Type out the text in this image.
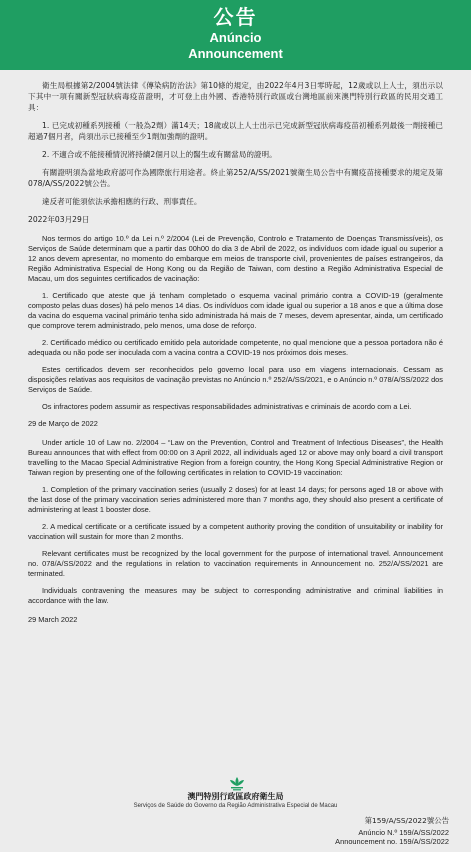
公告
Anúncio
Announcement

衛生局根據第2/2004號法律《傳染病防治法》第10條的規定，由2022年4月3日零時起，12歲或以上人士，須出示以下其中一項有關新型冠狀病毒疫苗證明，才可登上由外國、香港特別行政區或台灣地區前來澳門特別行政區的民用交通工具：

1. 已完成初種系列接種（一般為2劑）滿14天；18歲或以上人士出示已完成新型冠狀病毒疫苗初種系列最後一劑接種已超過7個月者，尚須出示已接種至少1劑加強劑的證明。

2. 不適合或不能接種情況將持續2個月以上的醫生或有關當局的證明。

有關證明須為當地政府認可作為國際旅行用途者。終止第252/A/SS/2021號衛生局公告中有關疫苗接種要求的規定及第078/A/SS/2022號公告。

違反者可能須依法承擔相應的行政、刑事責任。

2022年03月29日

Nos termos do artigo 10.º da Lei n.º 2/2004 (Lei de Prevenção, Controlo e Tratamento de Doenças Transmissíveis), os Serviços de Saúde determinam que a partir das 00h00 do dia 3 de Abril de 2022, os indivíduos com idade igual ou superior a 12 anos devem apresentar, no momento do embarque em meios de transporte civil, provenientes de países estrangeiros, da Região Administrativa Especial de Hong Kong ou da Região de Taiwan, com destino a Região Administrativa Especial de Macau, um dos seguintes certificados de vacinação:

1. Certificado que ateste que já tenham completado o esquema vacinal primário contra a COVID-19 (geralmente composto pelas duas doses) há pelo menos 14 dias. Os indivíduos com idade igual ou superior a 18 anos e que a última dose da vacina do esquema vacinal primário tenha sido administrada há mais de 7 meses, devem apresentar, ainda, um certificado que comprove terem administrado, pelo menos, uma dose de reforço.

2. Certificado médico ou certificado emitido pela autoridade competente, no qual mencione que a pessoa portadora não é adequada ou não pode ser inoculada com a vacina contra a COVID-19 nos próximos dois meses.

Estes certificados devem ser reconhecidos pelo governo local para uso em viagens internacionais. Cessam as disposições relativas aos requisitos de vacinação previstas no Anúncio n.º 252/A/SS/2021, e o Anúncio n.º 078/A/SS/2022 dos Serviços de Saúde.

Os infractores podem assumir as respectivas responsabilidades administrativas e criminais de acordo com a Lei.

29 de Março de 2022

Under article 10 of Law no. 2/2004 – “Law on the Prevention, Control and Treatment of Infectious Diseases”, the Health Bureau announces that with effect from 00:00 on 3 April 2022, all individuals aged 12 or above may only board a civil transport travelling to the Macao Special Administrative Region from a foreign country, the Hong Kong Special Administrative Region or Taiwan region by presenting one of the following certificates in relation to COVID-19 vaccination:

1. Completion of the primary vaccination series (usually 2 doses) for at least 14 days; for persons aged 18 or above with the last dose of the primary vaccination series administered more than 7 months ago, they should also present a certificate of administering at least 1 booster dose.

2. A medical certificate or a certificate issued by a competent authority proving the condition of unsuitability or inability for vaccination will sustain for more than 2 months.

Relevant certificates must be recognized by the local government for the purpose of international travel. Announcement no. 078/A/SS/2022 and the regulations in relation to vaccination requirements in Announcement no. 252/A/SS/2021 are terminated.

Individuals contravening the measures may be subject to corresponding administrative and criminal liabilities in accordance with the law.

29 March 2022

澳門特別行政區政府衛生局
Serviços de Saúde do Governo da Região Administrativa Especial de Macau
第159/A/SS/2022號公告
Anúncio N.º 159/A/SS/2022
Announcement no. 159/A/SS/2022
